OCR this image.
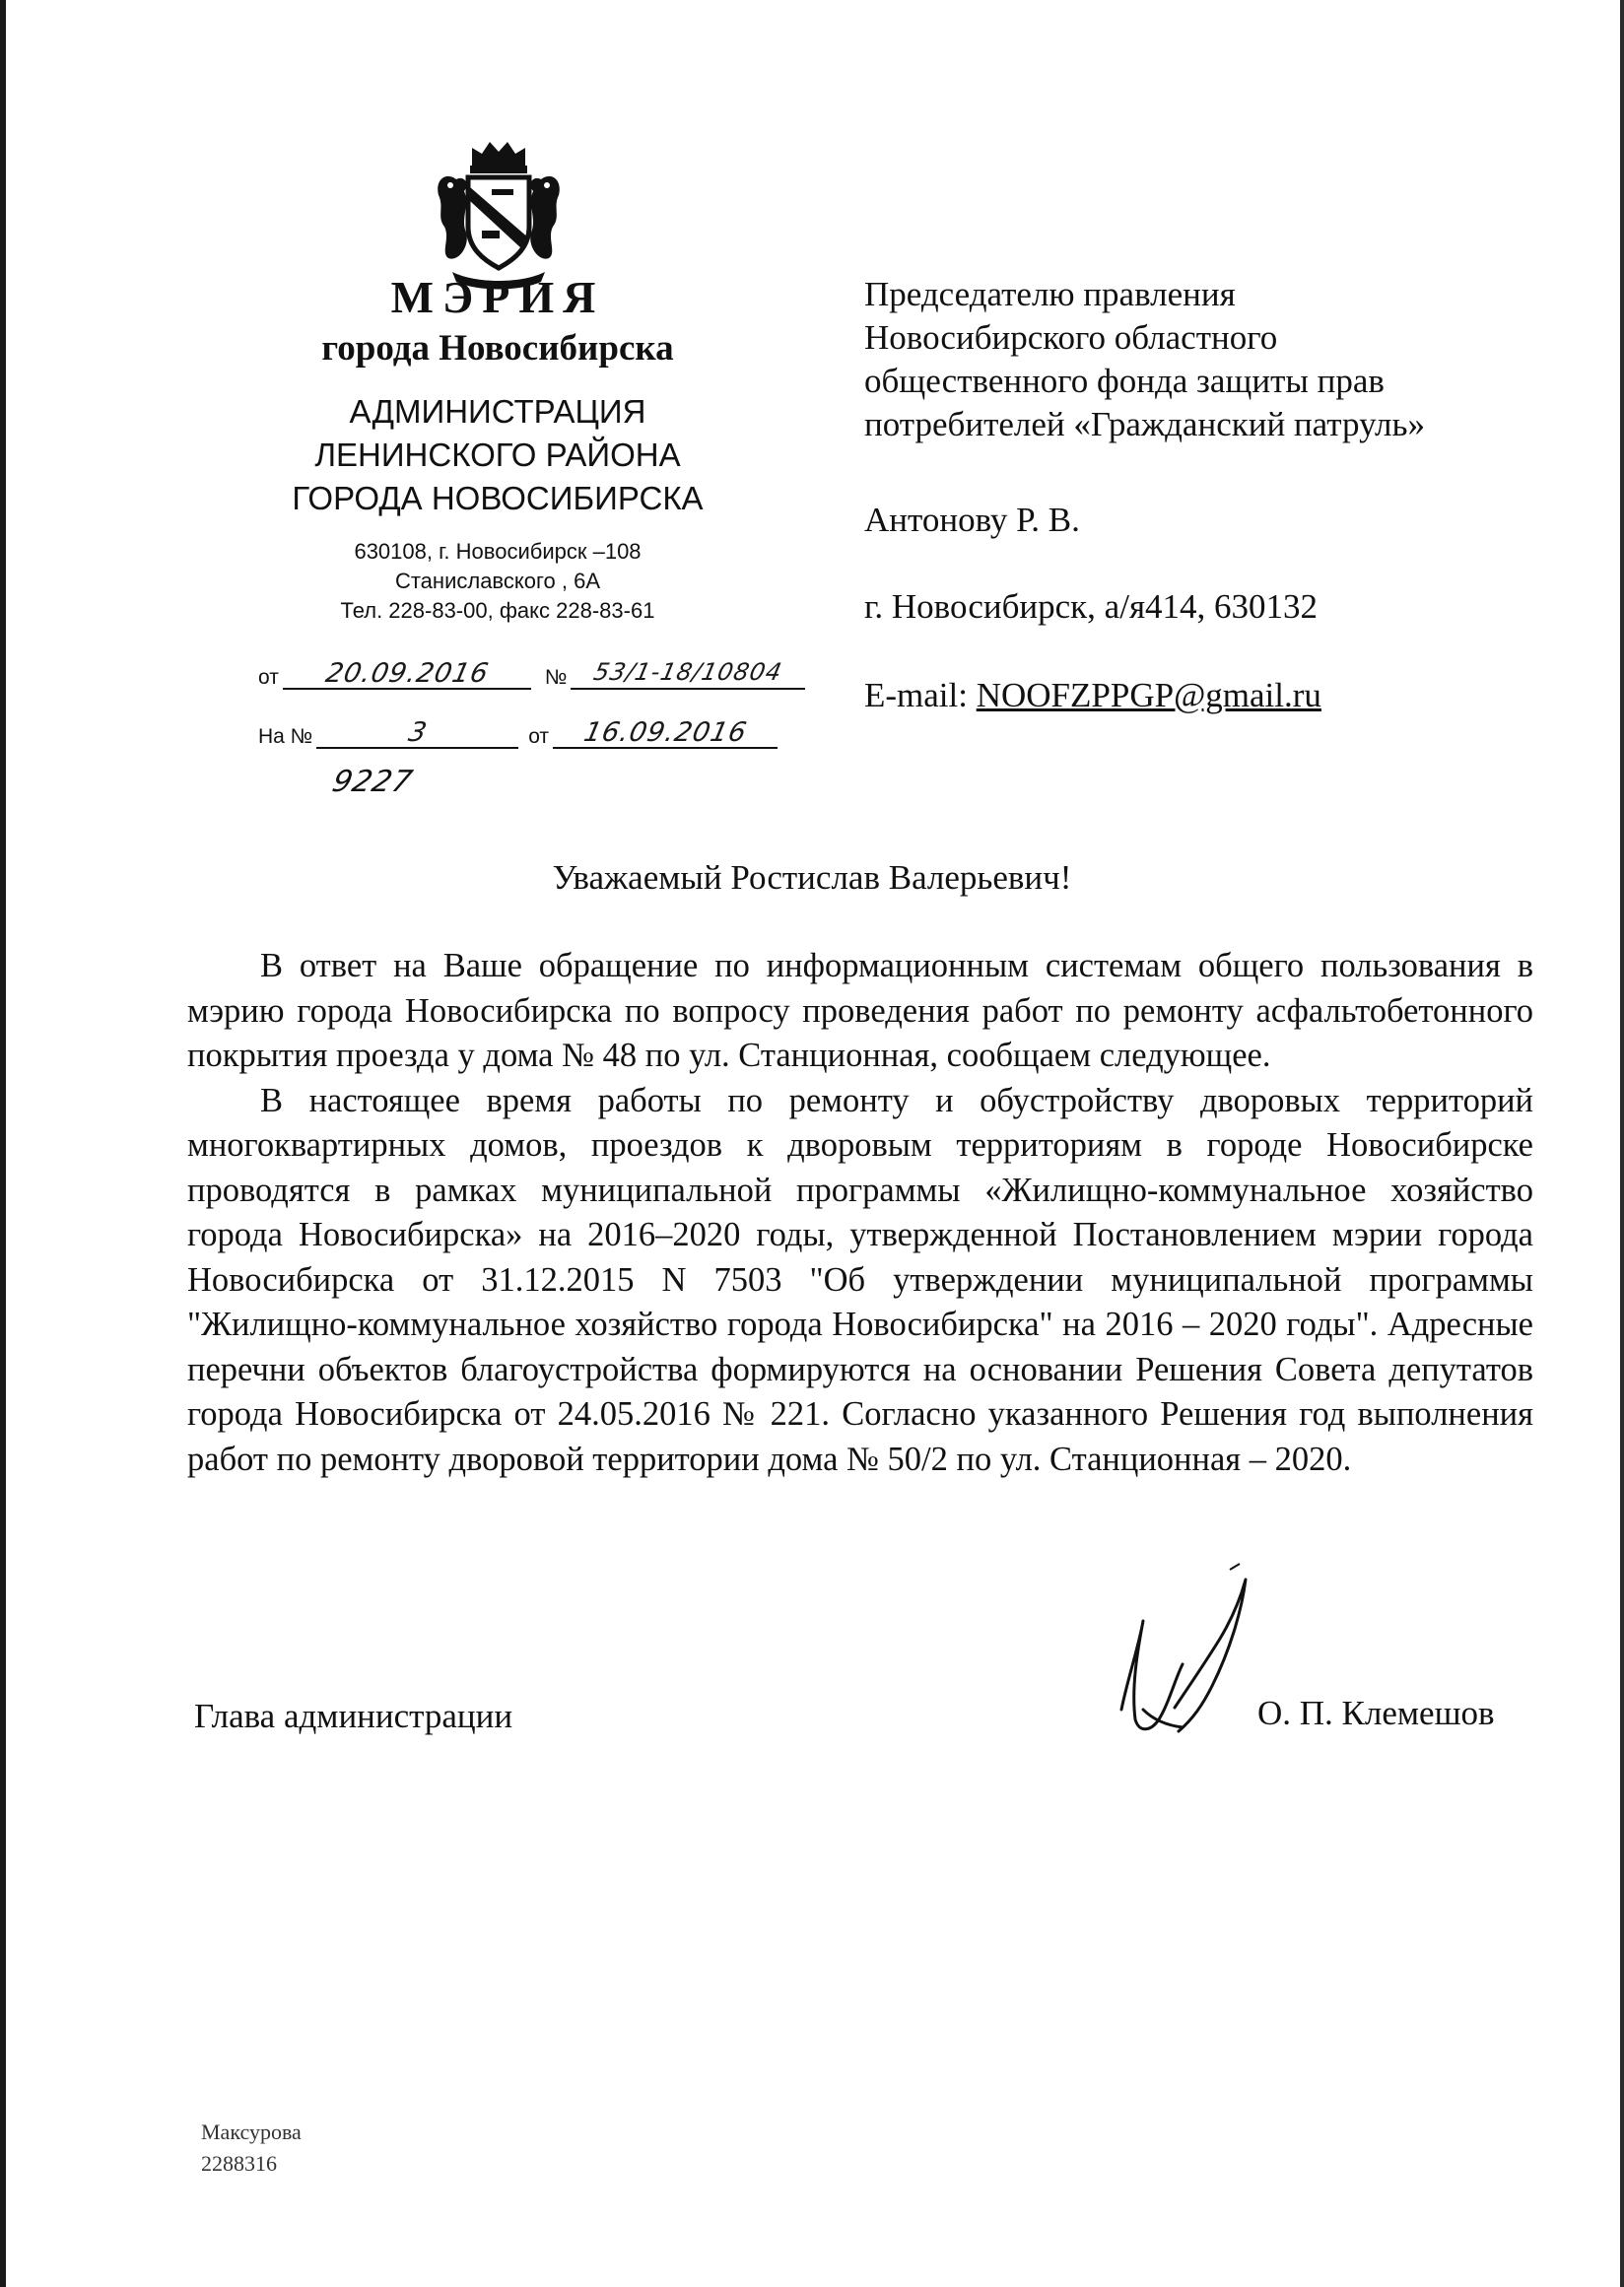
МЭРИЯ
города Новосибирска
АДМИНИСТРАЦИЯ
ЛЕНИНСКОГО РАЙОНА
ГОРОДА НОВОСИБИРСКА
630108, г. Новосибирск –108
Станиславского , 6А
Тел. 228-83-00, факс 228-83-61
от	20.09.2016	№	53/1-18/10804
На №	3	от	16.09.2016
9227
Председателю правления
Новосибирского областного
общественного фонда защиты прав
потребителей «Гражданский патруль»
Антонову Р. В.
г. Новосибирск, а/я414, 630132
E-mail: NOOFZPPGP@gmail.ru
Уважаемый Ростислав Валерьевич!

В ответ на Ваше обращение по информационным системам общего пользования в мэрию города Новосибирска по вопросу проведения работ по ремонту асфальтобетонного покрытия проезда у дома № 48 по ул. Станционная, сообщаем следующее.

В настоящее время работы по ремонту и обустройству дворовых территорий многоквартирных домов, проездов к дворовым территориям в городе Новосибирске проводятся в рамках муниципальной программы «Жилищно-коммунальное хозяйство города Новосибирска» на 2016–2020 годы, утвержденной Постановлением мэрии города Новосибирска от 31.12.2015 N 7503 "Об утверждении муниципальной программы "Жилищно-коммунальное хозяйство города Новосибирска" на 2016 – 2020 годы". Адресные перечни объектов благоустройства формируются на основании Решения Совета депутатов города Новосибирска от 24.05.2016 № 221. Согласно указанного Решения год выполнения работ по ремонту дворовой территории дома № 50/2 по ул. Станционная – 2020.

Глава администрации	О. П. Клемешов
Максурова
2288316
